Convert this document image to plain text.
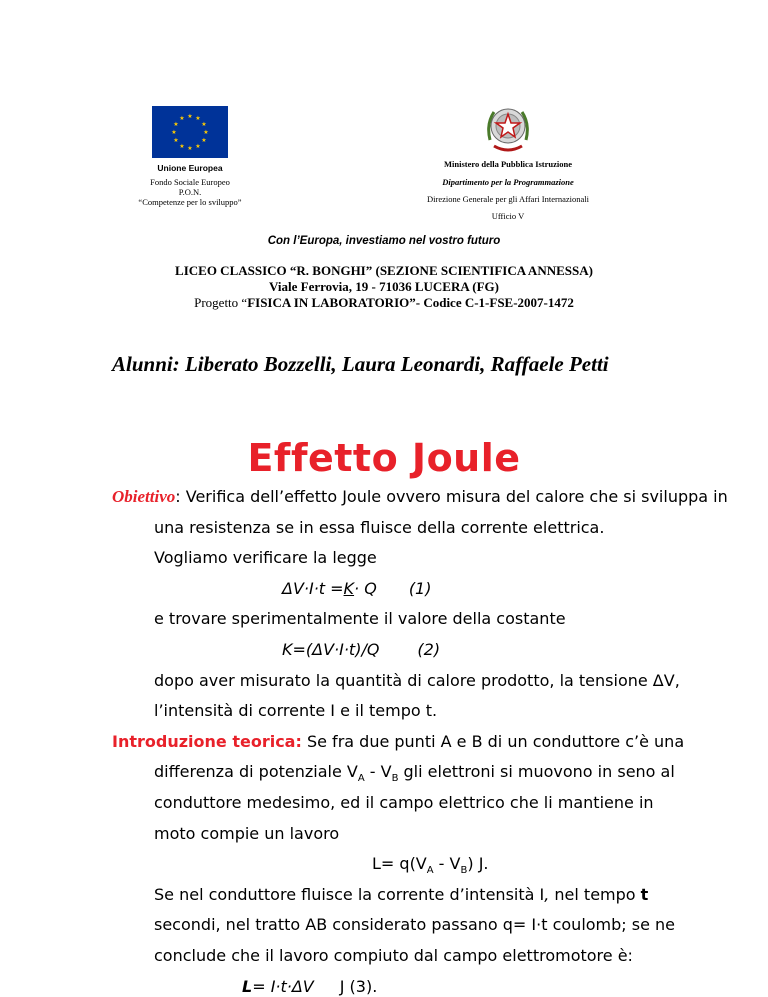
★ ★
★
★
★
★
★
★
★
★
★
★
Unione Europea
Fondo Sociale Europeo
P.O.N.
“Competenze per lo sviluppo”
Ministero della Pubblica Istruzione
Dipartimento per la Programmazione
Direzione Generale per gli Affari Internazionali
Ufficio V
Con l’Europa, investiamo nel vostro futuro
LICEO CLASSICO “R. BONGHI” (SEZIONE SCIENTIFICA ANNESSA)
Viale Ferrovia, 19 - 71036 LUCERA (FG)
Progetto “FISICA IN LABORATORIO”- Codice C-1-FSE-2007-1472
Alunni: Liberato Bozzelli, Laura Leonardi, Raffaele Petti
Effetto Joule
Obiettivo: Verifica dell’effetto Joule ovvero misura del calore che si sviluppa in
una resistenza se in essa fluisce della corrente elettrica.
Vogliamo verificare la legge
ΔV·I·t =K· Q (1)
e trovare sperimentalmente il valore della costante
K=(ΔV·I·t)/Q (2)
dopo aver misurato la quantità di calore prodotto, la tensione ΔV,
l’intensità di corrente I e il tempo t.
Introduzione teorica: Se fra due punti A e B di un conduttore c’è una
differenza di potenziale $V_A - V_B$ gli elettroni si muovono in seno al
conduttore medesimo, ed il campo elettrico che li mantiene in
moto compie un lavoro
$L= q(V_A - V_B)$ J.
Se nel conduttore fluisce la corrente d’intensità I, nel tempo t
secondi, nel tratto AB considerato passano q= I·t coulomb; se ne
conclude che il lavoro compiuto dal campo elettromotore è:
L= I·t·ΔV J (3).
